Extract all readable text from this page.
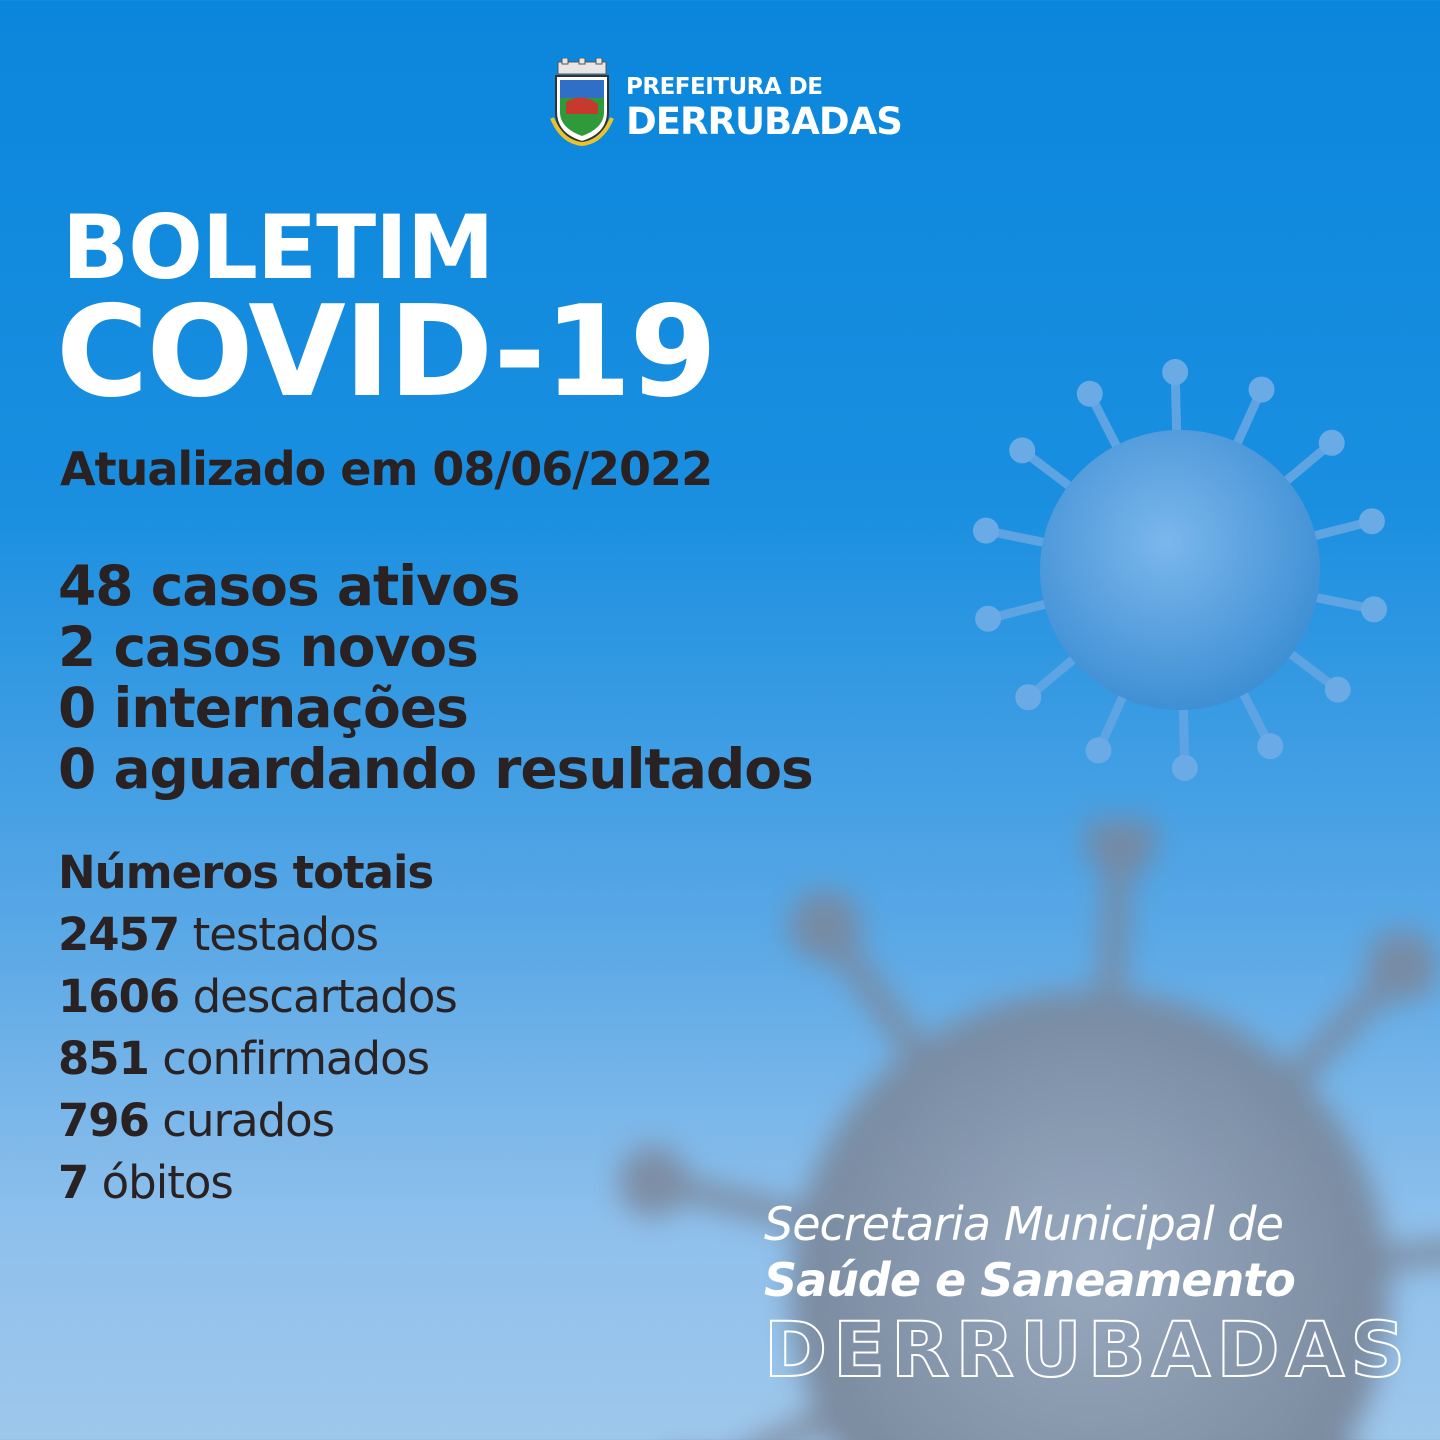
PREFEITURA DE
DERRUBADAS
BOLETIM
COVID-19
Atualizado em 08/06/2022
48 casos ativos
2 casos novos
0 internações
0 aguardando resultados
Números totais
2457 testados
1606 descartados
851 confirmados
796 curados
7 óbitos
Secretaria Municipal de
Saúde e Saneamento
DERRUBADAS
